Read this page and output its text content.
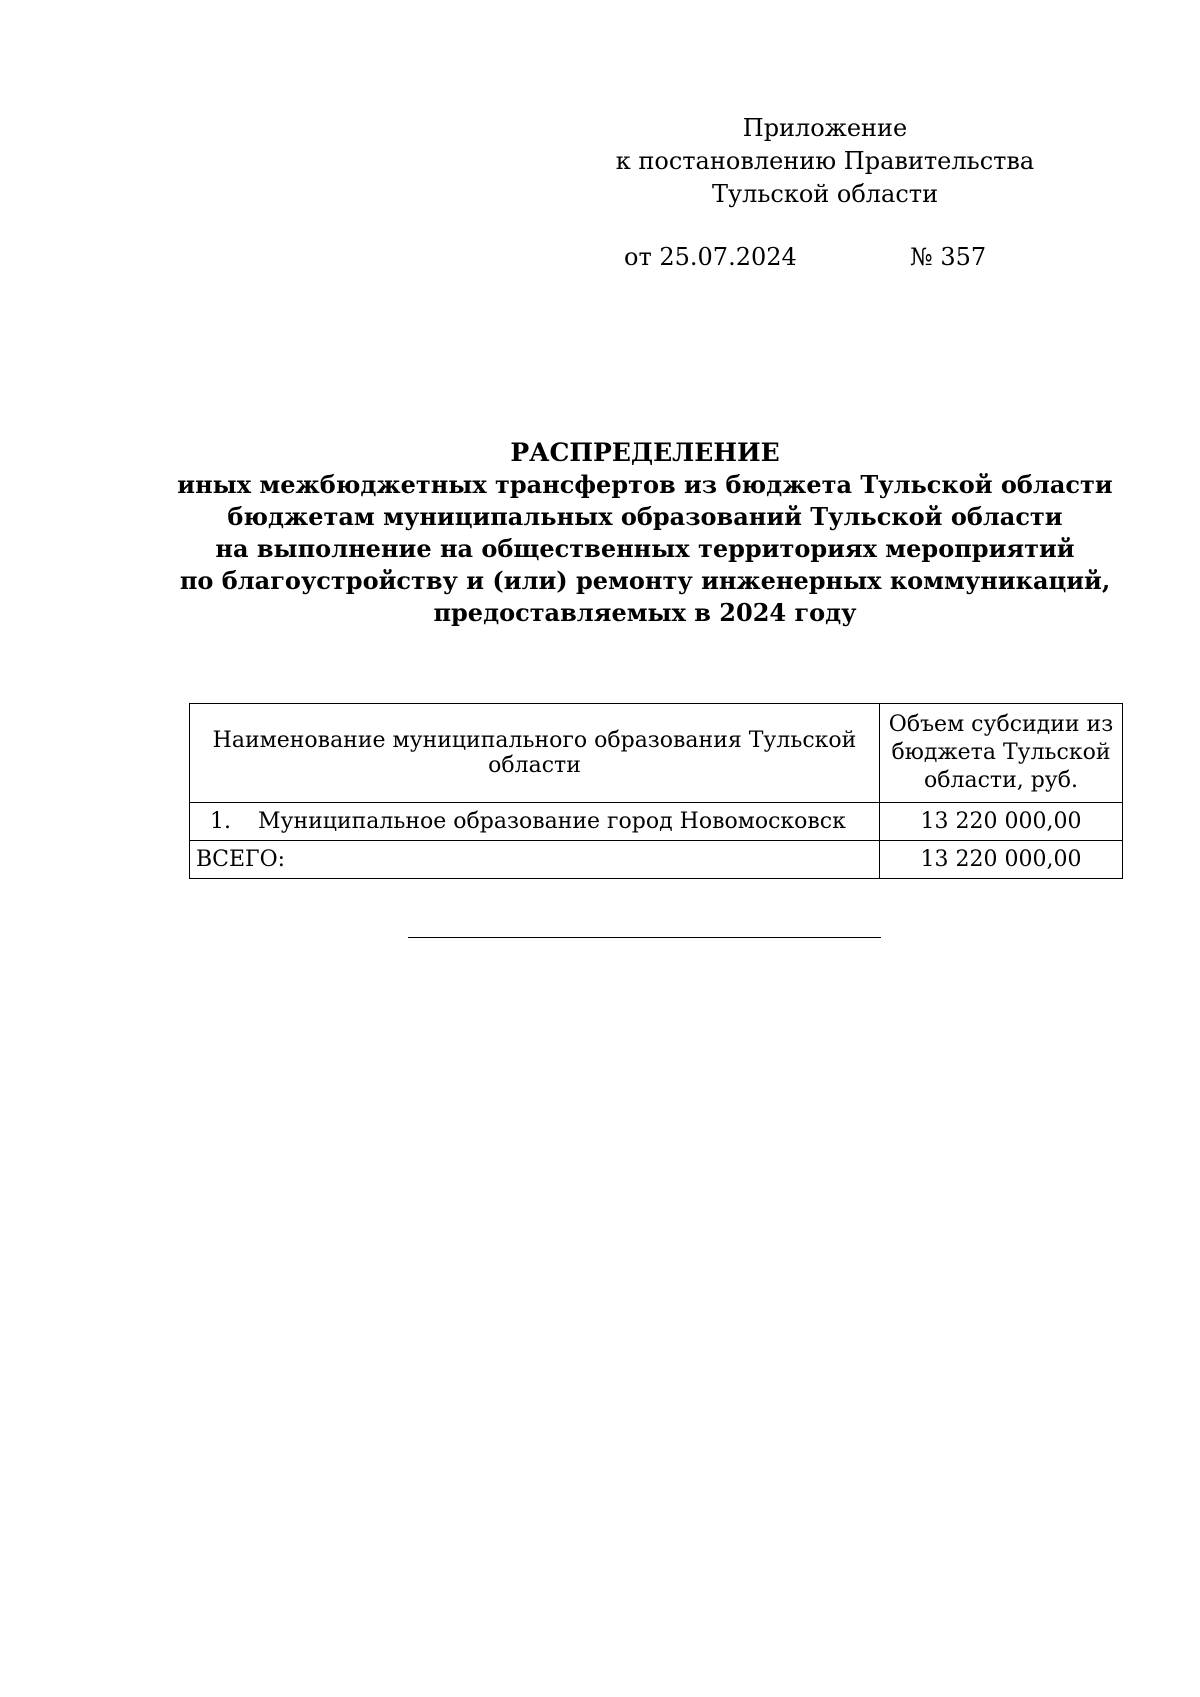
Приложение
к постановлению Правительства
Тульской области
от 25.07.2024	№ 357
РАСПРЕДЕЛЕНИЕ
иных межбюджетных трансфертов из бюджета Тульской области
бюджетам муниципальных образований Тульской области
на выполнение на общественных территориях мероприятий
по благоустройству и (или) ремонту инженерных коммуникаций,
предоставляемых в 2024 году
Наименование муниципального образования Тульской области	Объем субсидии из бюджета Тульской области, руб.
1. Муниципальное образование город Новомосковск	13 220 000,00
ВСЕГО:	13 220 000,00
